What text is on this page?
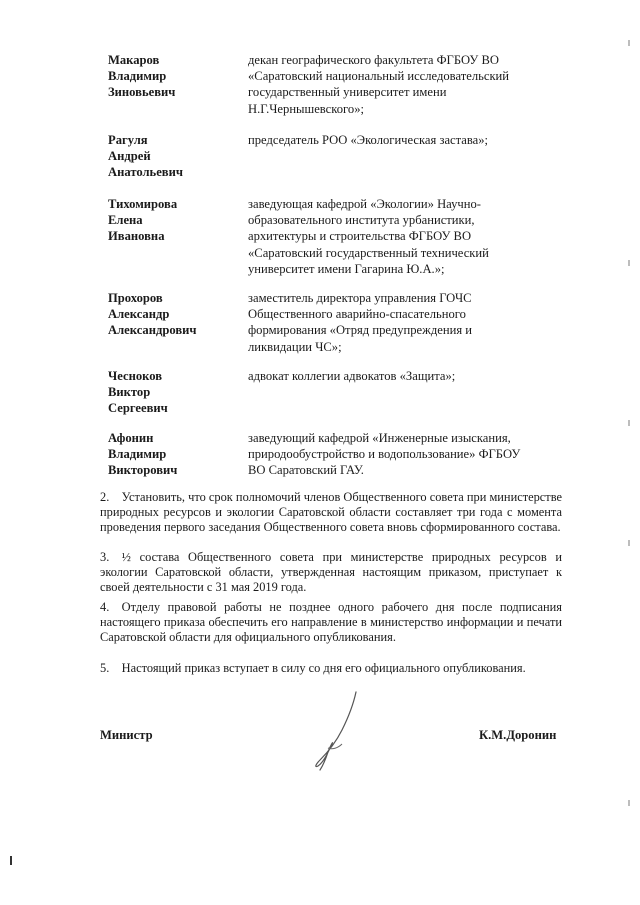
Макаров
Владимир
Зиновьевич
декан географического факультета ФГБОУ ВО
«Саратовский национальный исследовательский
государственный университет имени
Н.Г.Чернышевского»;
Рагуля
Андрей
Анатольевич
председатель РОО «Экологическая застава»;
Тихомирова
Елена
Ивановна
заведующая кафедрой «Экологии» Научно-
образовательного института урбанистики,
архитектуры и строительства ФГБОУ ВО
«Саратовский государственный технический
университет имени Гагарина Ю.А.»;
Прохоров
Александр
Александрович
заместитель директора управления ГОЧС
Общественного аварийно-спасательного
формирования «Отряд предупреждения и
ликвидации ЧС»;
Чесноков
Виктор
Сергеевич
адвокат коллегии адвокатов «Защита»;
Афонин
Владимир
Викторович
заведующий кафедрой «Инженерные изыскания,
природообустройство и водопользование» ФГБОУ
ВО Саратовский ГАУ.

2. Установить, что срок полномочий членов Общественного совета при министерстве природных ресурсов и экологии Саратовской области составляет три года с момента проведения первого заседания Общественного совета вновь сформированного состава.

3. ½ состава Общественного совета при министерстве природных ресурсов и экологии Саратовской области, утвержденная настоящим приказом, приступает к своей деятельности с 31 мая 2019 года.

4. Отделу правовой работы не позднее одного рабочего дня после подписания настоящего приказа обеспечить его направление в министерство информации и печати Саратовской области для официального опубликования.

5. Настоящий приказ вступает в силу со дня его официального опубликования.

Министр	К.М.Доронин
